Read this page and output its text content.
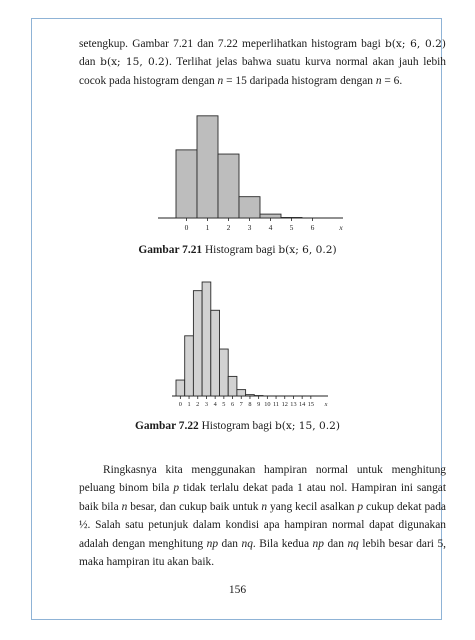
setengkup. Gambar 7.21 dan 7.22 meperlihatkan histogram bagi b(x; 6, 0.2) dan b(x; 15, 0.2). Terlihat jelas bahwa suatu kurva normal akan jauh lebih cocok pada histogram dengan n = 15 daripada histogram dengan n = 6.

0 1 2 3 4 5 6	x

Gambar 7.21 Histogram bagi b(x; 6, 0.2)

0 1 2 3 4 5 6 7 8 9 10 11 12 13 14 15 x

Gambar 7.22 Histogram bagi b(x; 15, 0.2)

Ringkasnya kita menggunakan hampiran normal untuk menghitung peluang binom bila p tidak terlalu dekat pada 1 atau nol. Hampiran ini sangat baik bila n besar, dan cukup baik untuk n yang kecil asalkan p cukup dekat pada ½. Salah satu petunjuk dalam kondisi apa hampiran normal dapat digunakan adalah dengan menghitung np dan nq. Bila kedua np dan nq lebih besar dari 5, maka hampiran itu akan baik.

156
